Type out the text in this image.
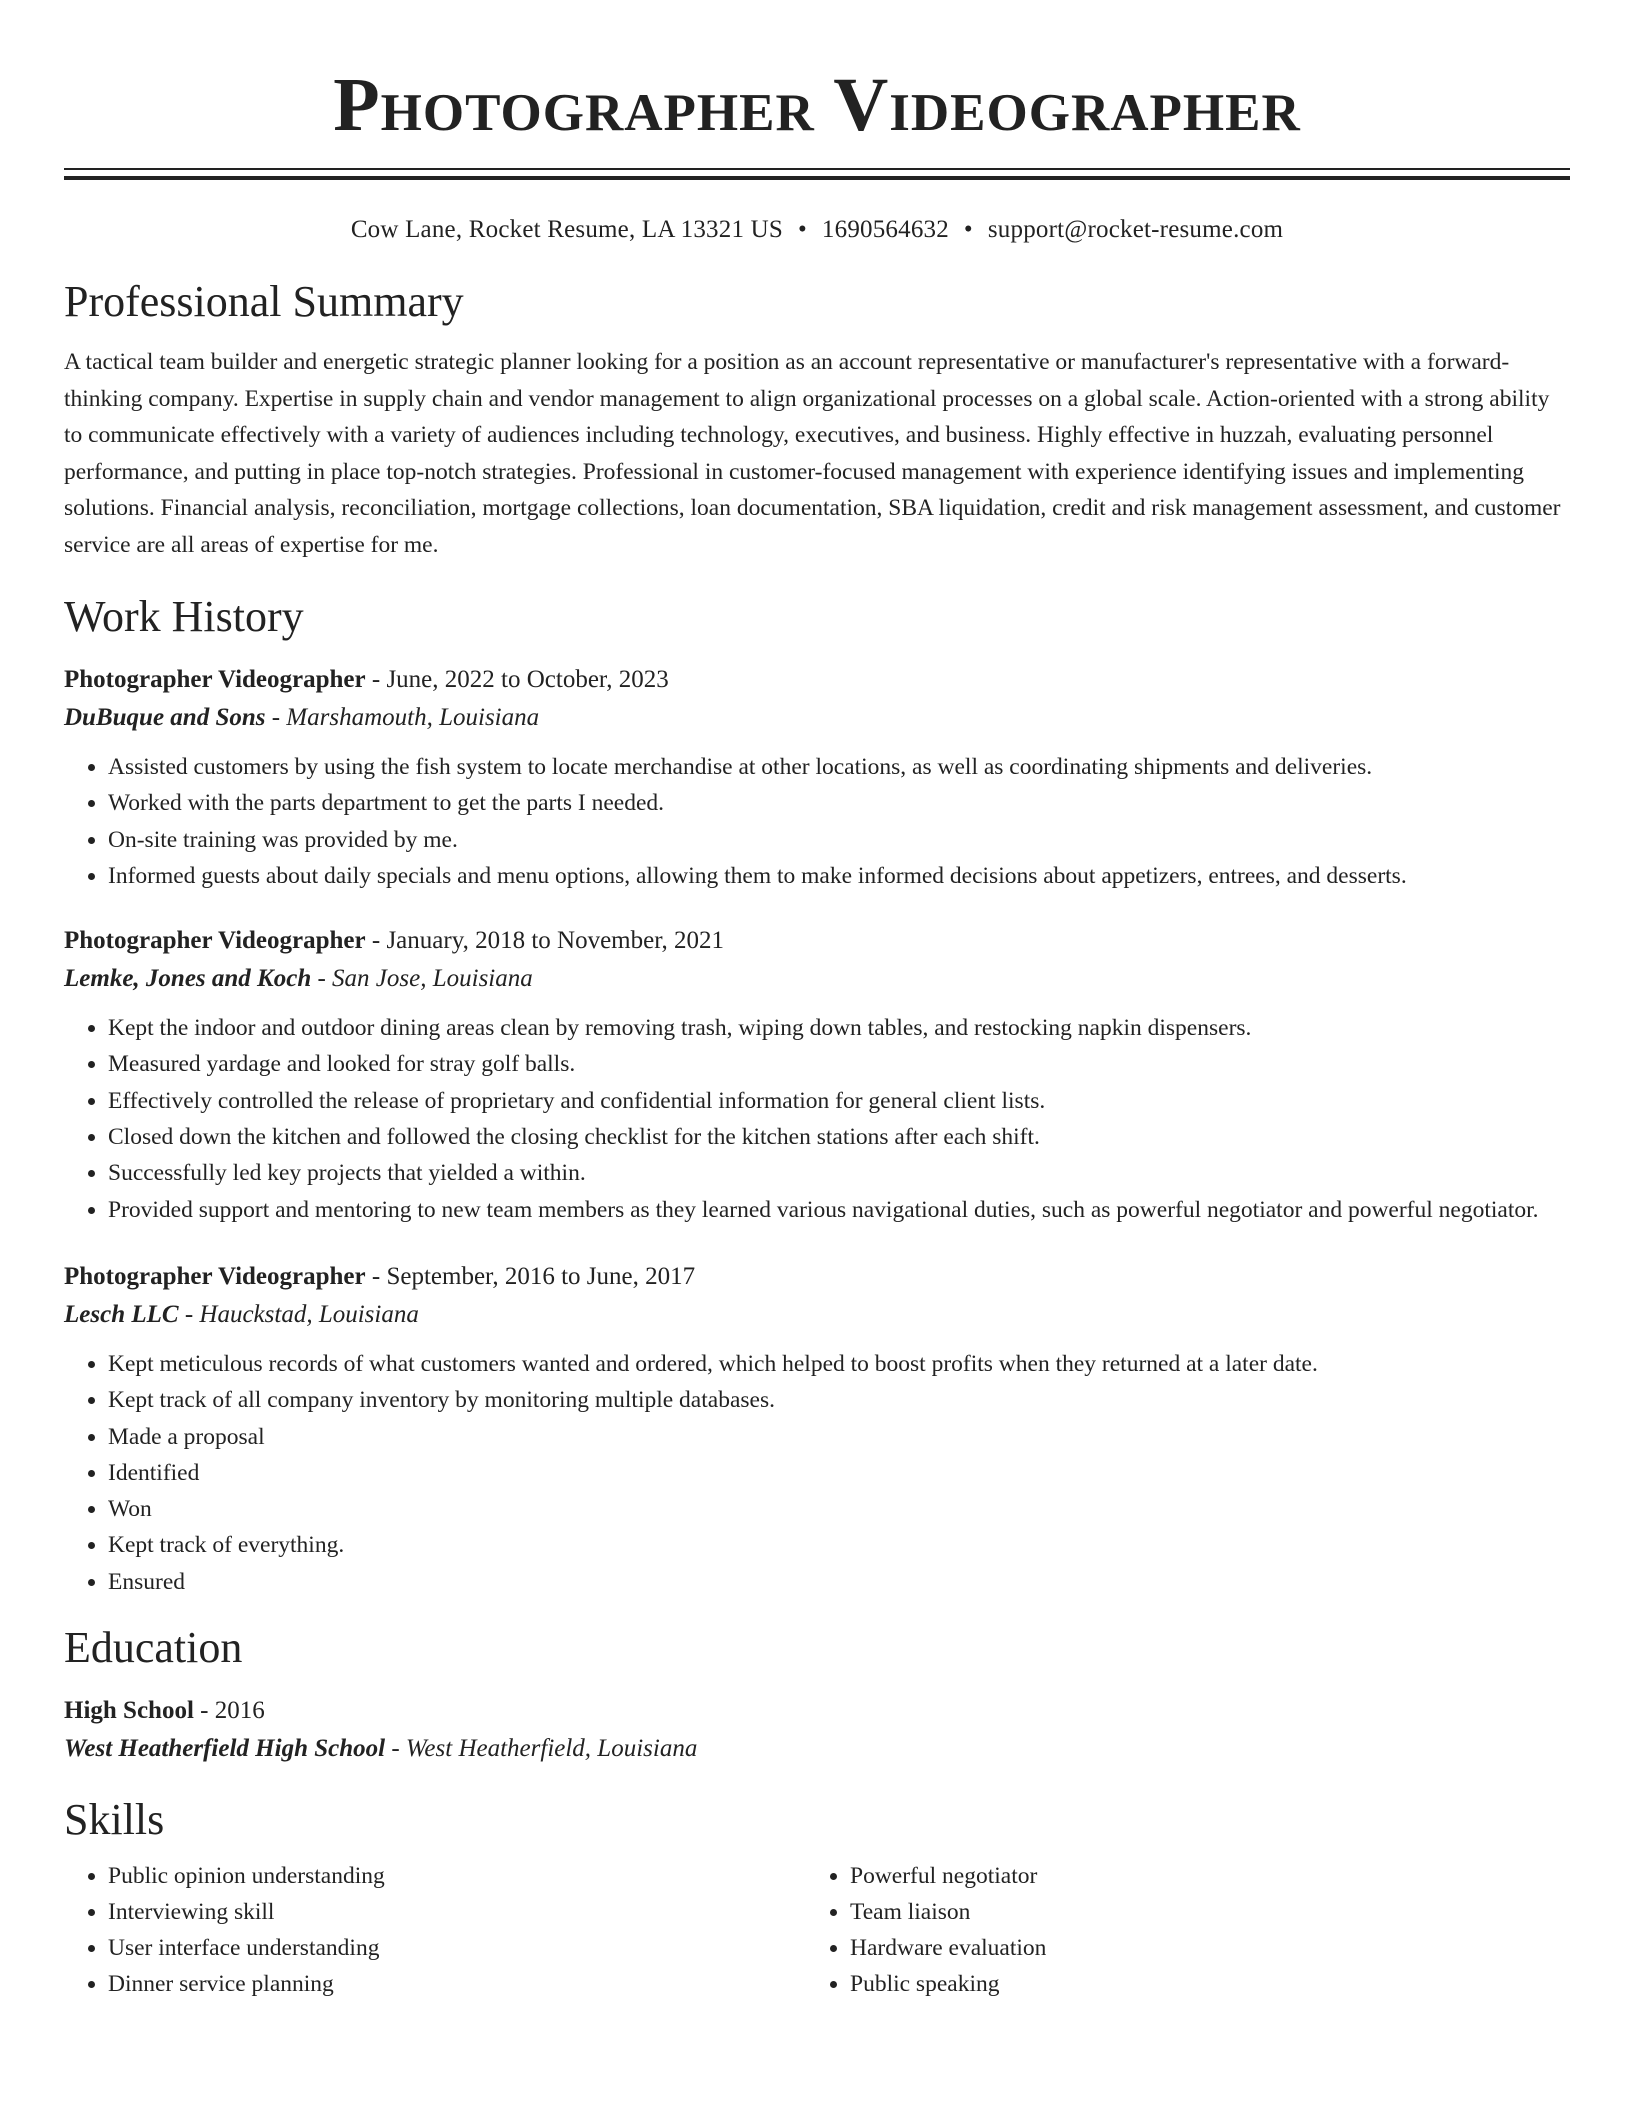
Photographer Videographer
Cow Lane, Rocket Resume, LA 13321 US • 1690564632 • support@rocket-resume.com
Professional Summary

A tactical team builder and energetic strategic planner looking for a position as an account representative or manufacturer's representative with a forward-thinking company. Expertise in supply chain and vendor management to align organizational processes on a global scale. Action-oriented with a strong ability to communicate effectively with a variety of audiences including technology, executives, and business. Highly effective in huzzah, evaluating personnel performance, and putting in place top-notch strategies. Professional in customer-focused management with experience identifying issues and implementing solutions. Financial analysis, reconciliation, mortgage collections, loan documentation, SBA liquidation, credit and risk management assessment, and customer service are all areas of expertise for me.

Work History
Photographer Videographer - June, 2022 to October, 2023
DuBuque and Sons - Marshamouth, Louisiana
• Assisted customers by using the fish system to locate merchandise at other locations, as well as coordinating shipments and deliveries.
• Worked with the parts department to get the parts I needed.
• On-site training was provided by me.
• Informed guests about daily specials and menu options, allowing them to make informed decisions about appetizers, entrees, and desserts.
Photographer Videographer - January, 2018 to November, 2021
Lemke, Jones and Koch - San Jose, Louisiana
• Kept the indoor and outdoor dining areas clean by removing trash, wiping down tables, and restocking napkin dispensers.
• Measured yardage and looked for stray golf balls.
• Effectively controlled the release of proprietary and confidential information for general client lists.
• Closed down the kitchen and followed the closing checklist for the kitchen stations after each shift.
• Successfully led key projects that yielded a within.
• Provided support and mentoring to new team members as they learned various navigational duties, such as powerful negotiator and powerful negotiator.
Photographer Videographer - September, 2016 to June, 2017
Lesch LLC - Hauckstad, Louisiana
• Kept meticulous records of what customers wanted and ordered, which helped to boost profits when they returned at a later date.
• Kept track of all company inventory by monitoring multiple databases.
• Made a proposal
• Identified
• Won
• Kept track of everything.
• Ensured
Education
High School - 2016
West Heatherfield High School - West Heatherfield, Louisiana
Skills
• Public opinion understanding
• Interviewing skill
• User interface understanding
• Dinner service planning
• Powerful negotiator
• Team liaison
• Hardware evaluation
• Public speaking
